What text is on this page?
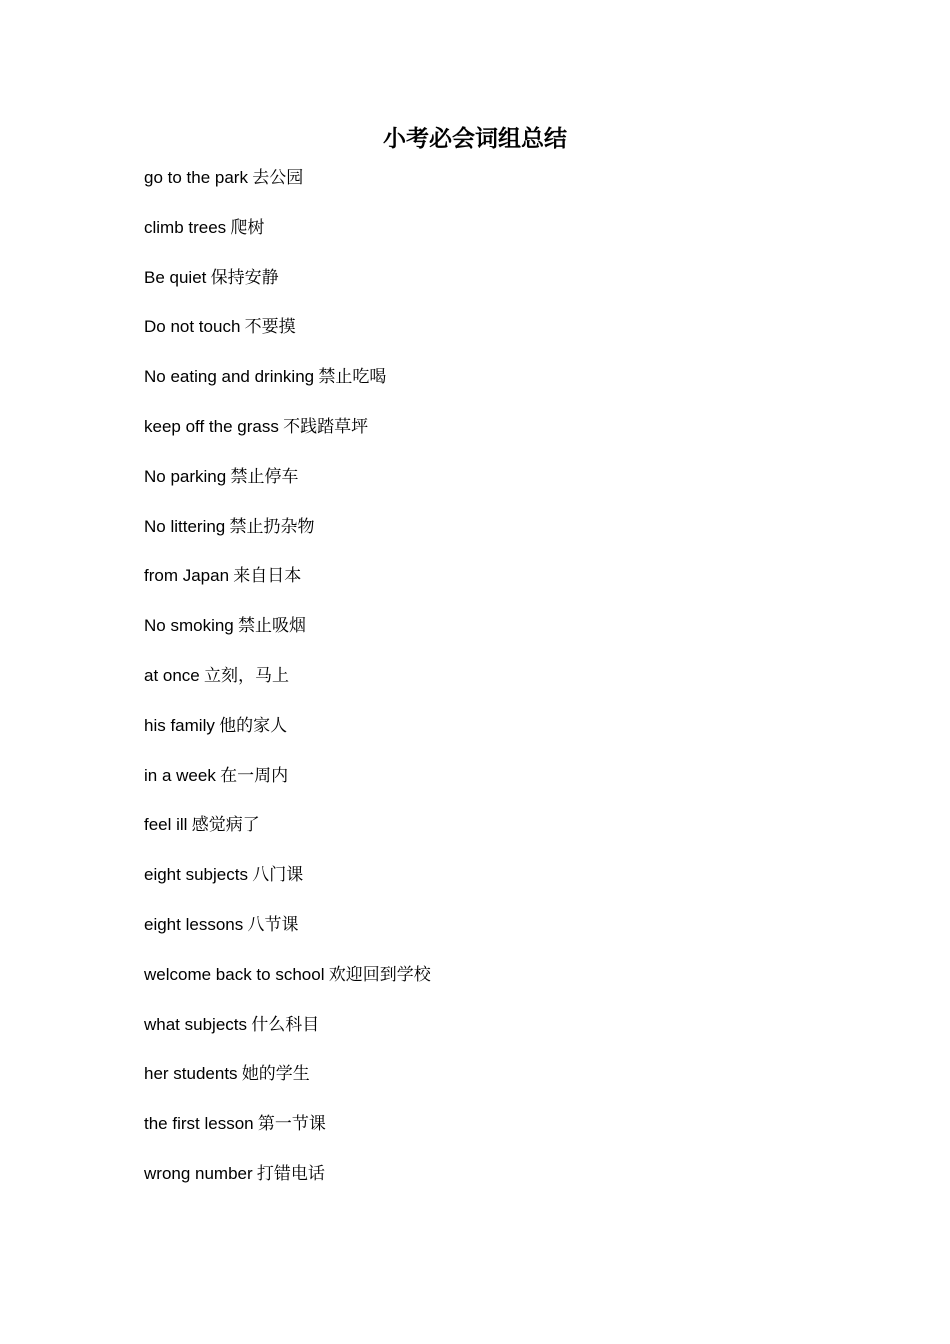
小考必会词组总结
go to the park 去公园
climb trees 爬树
Be quiet 保持安静
Do not touch 不要摸
No eating and drinking 禁止吃喝
keep off the grass 不践踏草坪
No parking 禁止停车
No littering 禁止扔杂物
from Japan 来自日本
No smoking 禁止吸烟
at once 立刻，马上
his family 他的家人
in a week 在一周内
feel ill 感觉病了
eight subjects 八门课
eight lessons 八节课
welcome back to school 欢迎回到学校
what subjects 什么科目
her students 她的学生
the first lesson 第一节课
wrong number 打错电话
